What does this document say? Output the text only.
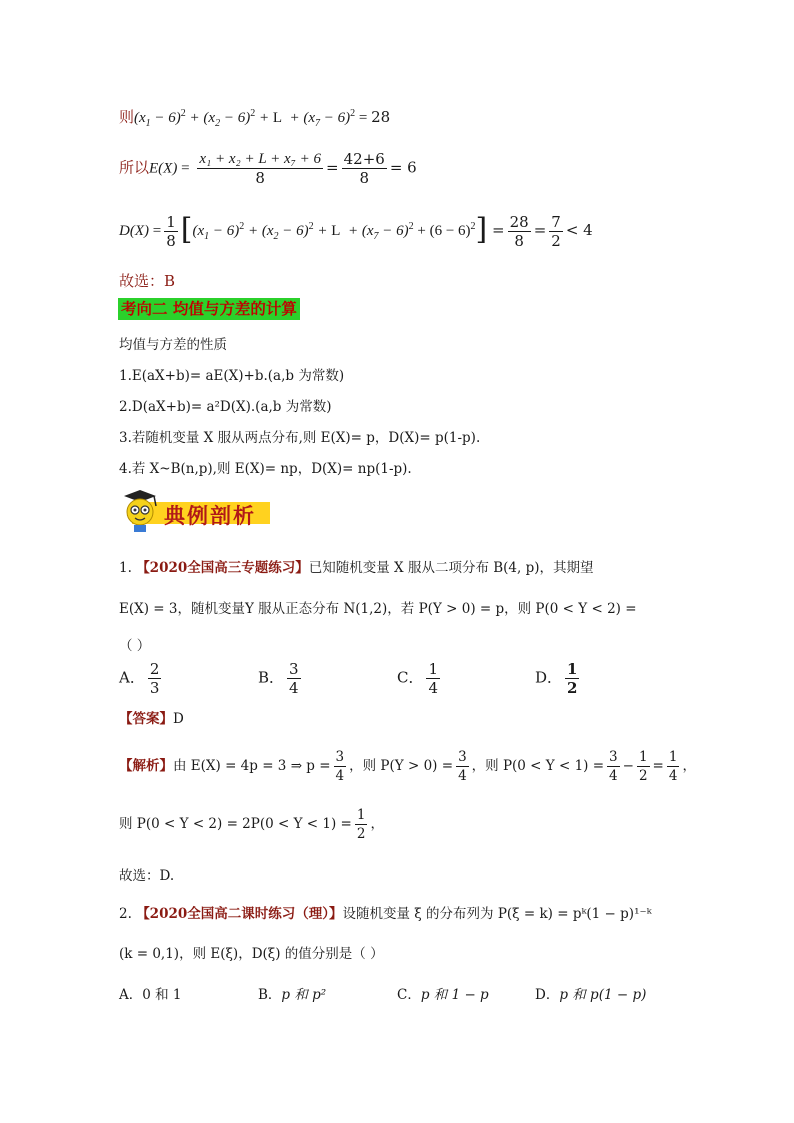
则$(x_1 - 6)^2 + (x_2 - 6)^2 + L + (x_7 - 6)^2 = 28$
所以$E(X) = \frac{\text{x₁ + x₂ + L + x₇ + 6}}{8} = \frac{42+6}{8} = 6$
$D(X) = \frac{1}{8} [(x_1 - 6)^2 + (x_2 - 6)^2 + L + (x_7 - 6)^2 + (6 - 6)^2] = \frac{28}{8} = \frac{7}{2} < 4$
故选：B
考向二 均值与方差的计算
均值与方差的性质
1.E(aX+b)= aE(X)+b.(a,b 为常数)
2.D(aX+b)= a²D(X).(a,b 为常数)
3.若随机变量 X 服从两点分布,则 E(X)= p，D(X)= p(1-p).
4.若 X~B(n,p),则 E(X)= np，D(X)= np(1-p).
典例剖析
1. 【2020全国高三专题练习】已知随机变量 X 服从二项分布 B(4, p)，其期望
E(X) = 3，随机变量Y 服从正态分布 N(1,2)，若 P(Y > 0) = p，则 P(0 < Y < 2) =
（ ）
A． $\frac{2}{3}$	B． $\frac{3}{4}$	C． $\frac{1}{4}$	D． $\frac{1}{2}$
【答案】D
【解析】由 E(X) = 4p = 3 ⇒ $p = \frac{3}{4}$ ，则 $P(Y > 0) = \frac{3}{4}$ ，则 $P(0 < Y < 1) = \frac{3}{4} - \frac{1}{2} = \frac{1}{4}$ ，
则 $P(0 < Y < 2) = 2P(0 < Y < 1) = \frac{1}{2}$ ，
故选：D.
2. 【2020全国高二课时练习（理）】设随机变量 ξ 的分布列为 P(ξ = k) = pᵏ(1 − p)¹⁻ᵏ
(k = 0,1)，则 E(ξ)，D(ξ) 的值分别是（ ）
A．0 和 1	B．p 和 p²	C．p 和 1 − p	D．p 和 p(1 − p)
